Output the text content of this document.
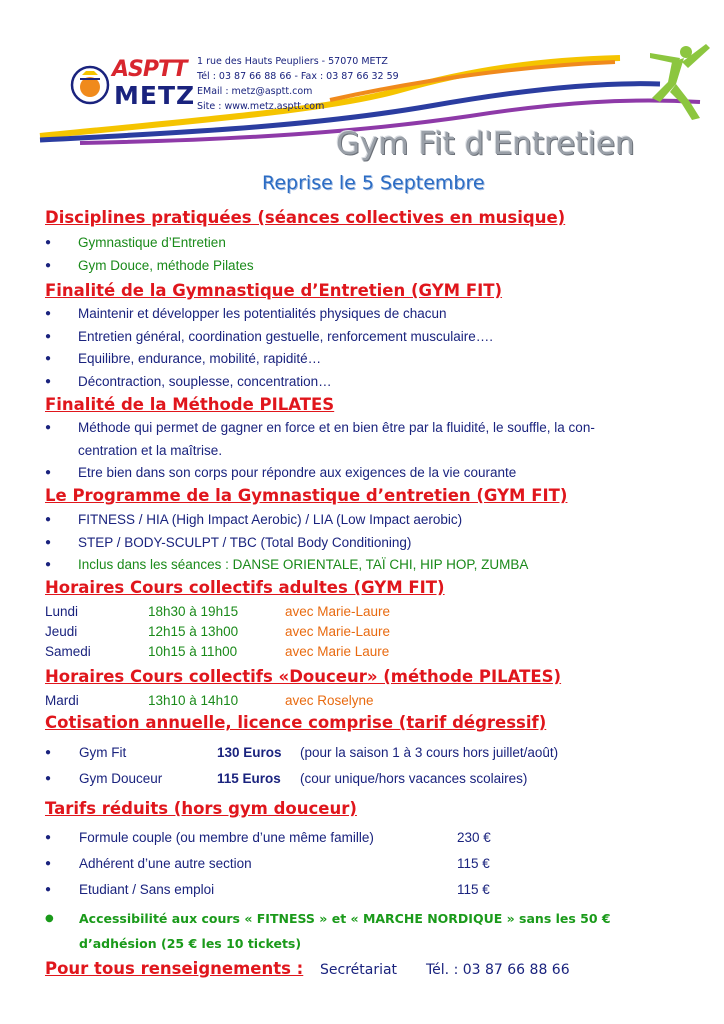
ASPTT
METZ
1 rue des Hauts Peupliers - 57070 METZ
Tél : 03 87 66 88 66 - Fax : 03 87 66 32 59
EMail : metz@asptt.com
Site : www.metz.asptt.com
Gym Fit d'Entretien
Reprise le 5 Septembre
Disciplines pratiquées (séances collectives en musique)
● Gymnastique d’Entretien
● Gym Douce, méthode Pilates
Finalité de la Gymnastique d’Entretien (GYM FIT)
● Maintenir et développer les potentialités physiques de chacun
● Entretien général, coordination gestuelle, renforcement musculaire….
● Equilibre, endurance, mobilité, rapidité…
● Décontraction, souplesse, concentration…
Finalité de la Méthode PILATES
● Méthode qui permet de gagner en force et en bien être par la fluidité, le souffle, la con-
centration et la maîtrise.
● Etre bien dans son corps pour répondre aux exigences de la vie courante
Le Programme de la Gymnastique d’entretien (GYM FIT)
● FITNESS / HIA (High Impact Aerobic) / LIA (Low Impact aerobic)
● STEP / BODY-SCULPT / TBC (Total Body Conditioning)
● Inclus dans les séances : DANSE ORIENTALE, TAÏ CHI, HIP HOP, ZUMBA
Horaires Cours collectifs adultes (GYM FIT)
Lundi	18h30 à 19h15	avec Marie-Laure
Jeudi	12h15 à 13h00	avec Marie-Laure
Samedi	10h15 à 11h00	avec Marie Laure
Horaires Cours collectifs «Douceur» (méthode PILATES)
Mardi	13h10 à 14h10	avec Roselyne
Cotisation annuelle, licence comprise (tarif dégressif)
● Gym Fit	130 Euros (pour la saison 1 à 3 cours hors juillet/août)
● Gym Douceur	115 Euros (cour unique/hors vacances scolaires)
Tarifs réduits (hors gym douceur)
● Formule couple (ou membre d’une même famille)	230 €
● Adhérent d’une autre section	115 €
● Etudiant / Sans emploi	115 €
● Accessibilité aux cours « FITNESS » et « MARCHE NORDIQUE » sans les 50 €
d’adhésion (25 € les 10 tickets)
Pour tous renseignements : Secrétariat Tél. : 03 87 66 88 66
